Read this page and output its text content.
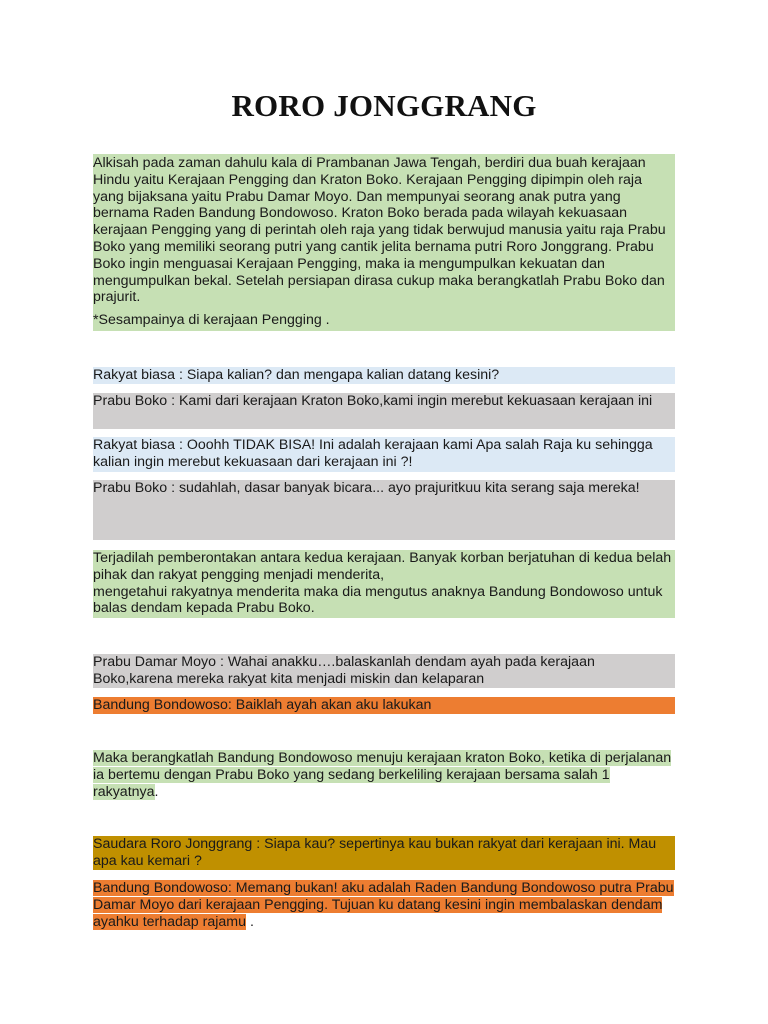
RORO JONGGRANG

Alkisah pada zaman dahulu kala di Prambanan Jawa Tengah, berdiri dua buah kerajaan Hindu yaitu Kerajaan Pengging dan Kraton Boko. Kerajaan Pengging dipimpin oleh raja yang bijaksana yaitu Prabu Damar Moyo. Dan mempunyai seorang anak putra yang bernama Raden Bandung Bondowoso. Kraton Boko berada pada wilayah kekuasaan kerajaan Pengging yang di perintah oleh raja yang tidak berwujud manusia yaitu raja Prabu Boko yang memiliki seorang putri yang cantik jelita bernama putri Roro Jonggrang. Prabu Boko ingin menguasai Kerajaan Pengging, maka ia mengumpulkan kekuatan dan mengumpulkan bekal. Setelah persiapan dirasa cukup maka berangkatlah Prabu Boko dan prajurit.

*Sesampainya di kerajaan Pengging .

Rakyat biasa : Siapa kalian? dan mengapa kalian datang kesini?

Prabu Boko : Kami dari kerajaan Kraton Boko,kami ingin merebut kekuasaan kerajaan ini

Rakyat biasa : Ooohh TIDAK BISA! Ini adalah kerajaan kami Apa salah Raja ku sehingga kalian ingin merebut kekuasaan dari kerajaan ini ?!

Prabu Boko : sudahlah, dasar banyak bicara... ayo prajuritkuu kita serang saja mereka!

Terjadilah pemberontakan antara kedua kerajaan. Banyak korban berjatuhan di kedua belah pihak dan rakyat pengging menjadi menderita,

mengetahui rakyatnya menderita maka dia mengutus anaknya Bandung Bondowoso untuk balas dendam kepada Prabu Boko.

Prabu Damar Moyo : Wahai anakku….balaskanlah dendam ayah pada kerajaan Boko,karena mereka rakyat kita menjadi miskin dan kelaparan

Bandung Bondowoso: Baiklah ayah akan aku lakukan

Maka berangkatlah Bandung Bondowoso menuju kerajaan kraton Boko, ketika di perjalanan ia bertemu dengan Prabu Boko yang sedang berkeliling kerajaan bersama salah 1 rakyatnya.

Saudara Roro Jonggrang : Siapa kau? sepertinya kau bukan rakyat dari kerajaan ini. Mau apa kau kemari ?

Bandung Bondowoso: Memang bukan! aku adalah Raden Bandung Bondowoso putra Prabu Damar Moyo dari kerajaan Pengging. Tujuan ku datang kesini ingin membalaskan dendam ayahku terhadap rajamu .
